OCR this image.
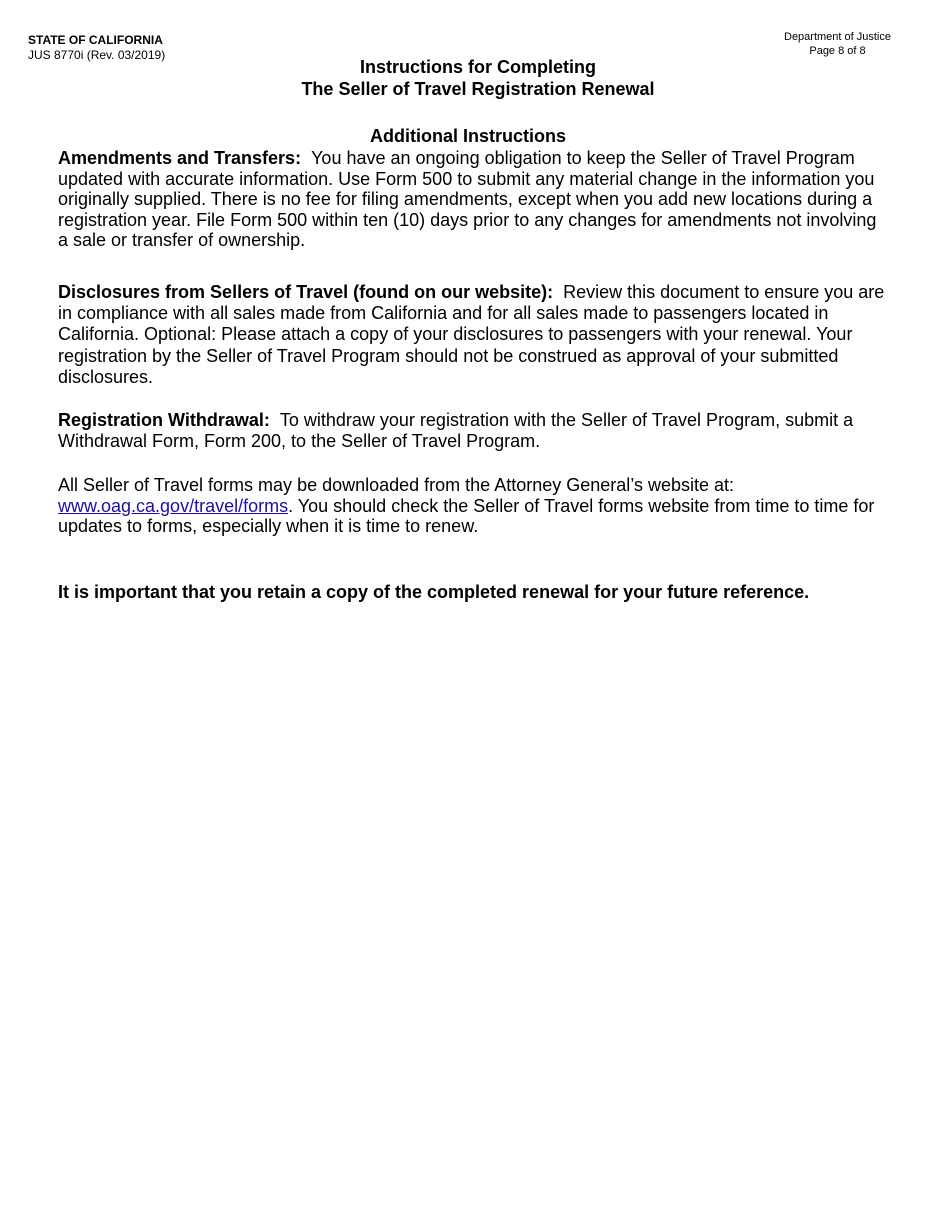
STATE OF CALIFORNIA
JUS 8770i (Rev. 03/2019)
Department of Justice
Page 8 of 8
Instructions for Completing
The Seller of Travel Registration Renewal
Additional Instructions
Amendments and Transfers: You have an ongoing obligation to keep the Seller of Travel Program updated with accurate information. Use Form 500 to submit any material change in the information you originally supplied. There is no fee for filing amendments, except when you add new locations during a registration year. File Form 500 within ten (10) days prior to any changes for amendments not involving a sale or transfer of ownership.
Disclosures from Sellers of Travel (found on our website): Review this document to ensure you are in compliance with all sales made from California and for all sales made to passengers located in California. Optional: Please attach a copy of your disclosures to passengers with your renewal. Your registration by the Seller of Travel Program should not be construed as approval of your submitted disclosures.
Registration Withdrawal: To withdraw your registration with the Seller of Travel Program, submit a Withdrawal Form, Form 200, to the Seller of Travel Program.
All Seller of Travel forms may be downloaded from the Attorney General’s website at:
www.oag.ca.gov/travel/forms. You should check the Seller of Travel forms website from time to time for updates to forms, especially when it is time to renew.
It is important that you retain a copy of the completed renewal for your future reference.
